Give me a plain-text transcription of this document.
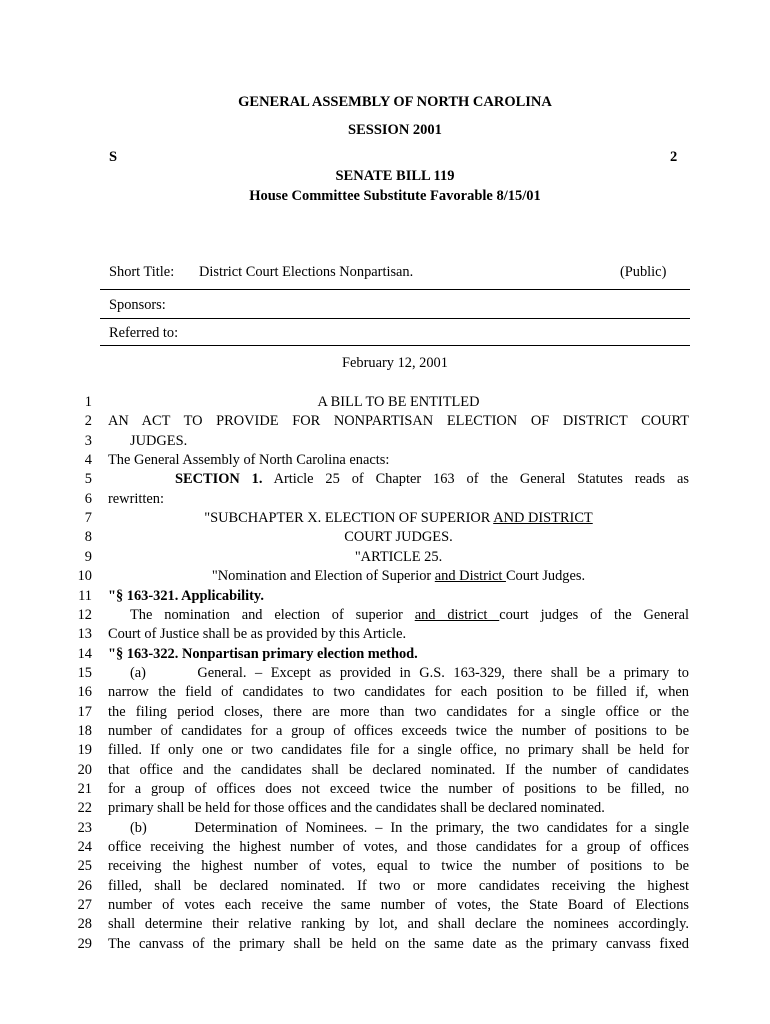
GENERAL ASSEMBLY OF NORTH CAROLINA
SESSION 2001
S	2
SENATE BILL 119
House Committee Substitute Favorable 8/15/01
Short Title: District Court Elections Nonpartisan.	(Public)
Sponsors:
Referred to:
February 12, 2001
1	A BILL TO BE ENTITLED
2 AN ACT TO PROVIDE FOR NONPARTISAN ELECTION OF DISTRICT COURT
3	JUDGES.
4 The General Assembly of North Carolina enacts:
5	SECTION 1. Article 25 of Chapter 163 of the General Statutes reads as
6 rewritten:
7	"SUBCHAPTER X. ELECTION OF SUPERIOR AND DISTRICT
8	COURT JUDGES.
9	"ARTICLE 25.
10	"Nomination and Election of Superior and District Court Judges.
11 "§ 163-321. Applicability.
12	The nomination and election of superior and district court judges of the General
13 Court of Justice shall be as provided by this Article.
14 "§ 163-322. Nonpartisan primary election method.
15	(a)      General. – Except as provided in G.S. 163-329, there shall be a primary to
16 narrow the field of candidates to two candidates for each position to be filled if, when
17 the filing period closes, there are more than two candidates for a single office or the
18 number of candidates for a group of offices exceeds twice the number of positions to be
19 filled. If only one or two candidates file for a single office, no primary shall be held for
20 that office and the candidates shall be declared nominated. If the number of candidates
21 for a group of offices does not exceed twice the number of positions to be filled, no
22 primary shall be held for those offices and the candidates shall be declared nominated.
23	(b)      Determination of Nominees. – In the primary, the two candidates for a single
24 office receiving the highest number of votes, and those candidates for a group of offices
25 receiving the highest number of votes, equal to twice the number of positions to be
26 filled, shall be declared nominated. If two or more candidates receiving the highest
27 number of votes each receive the same number of votes, the State Board of Elections
28 shall determine their relative ranking by lot, and shall declare the nominees accordingly.
29 The canvass of the primary shall be held on the same date as the primary canvass fixed
